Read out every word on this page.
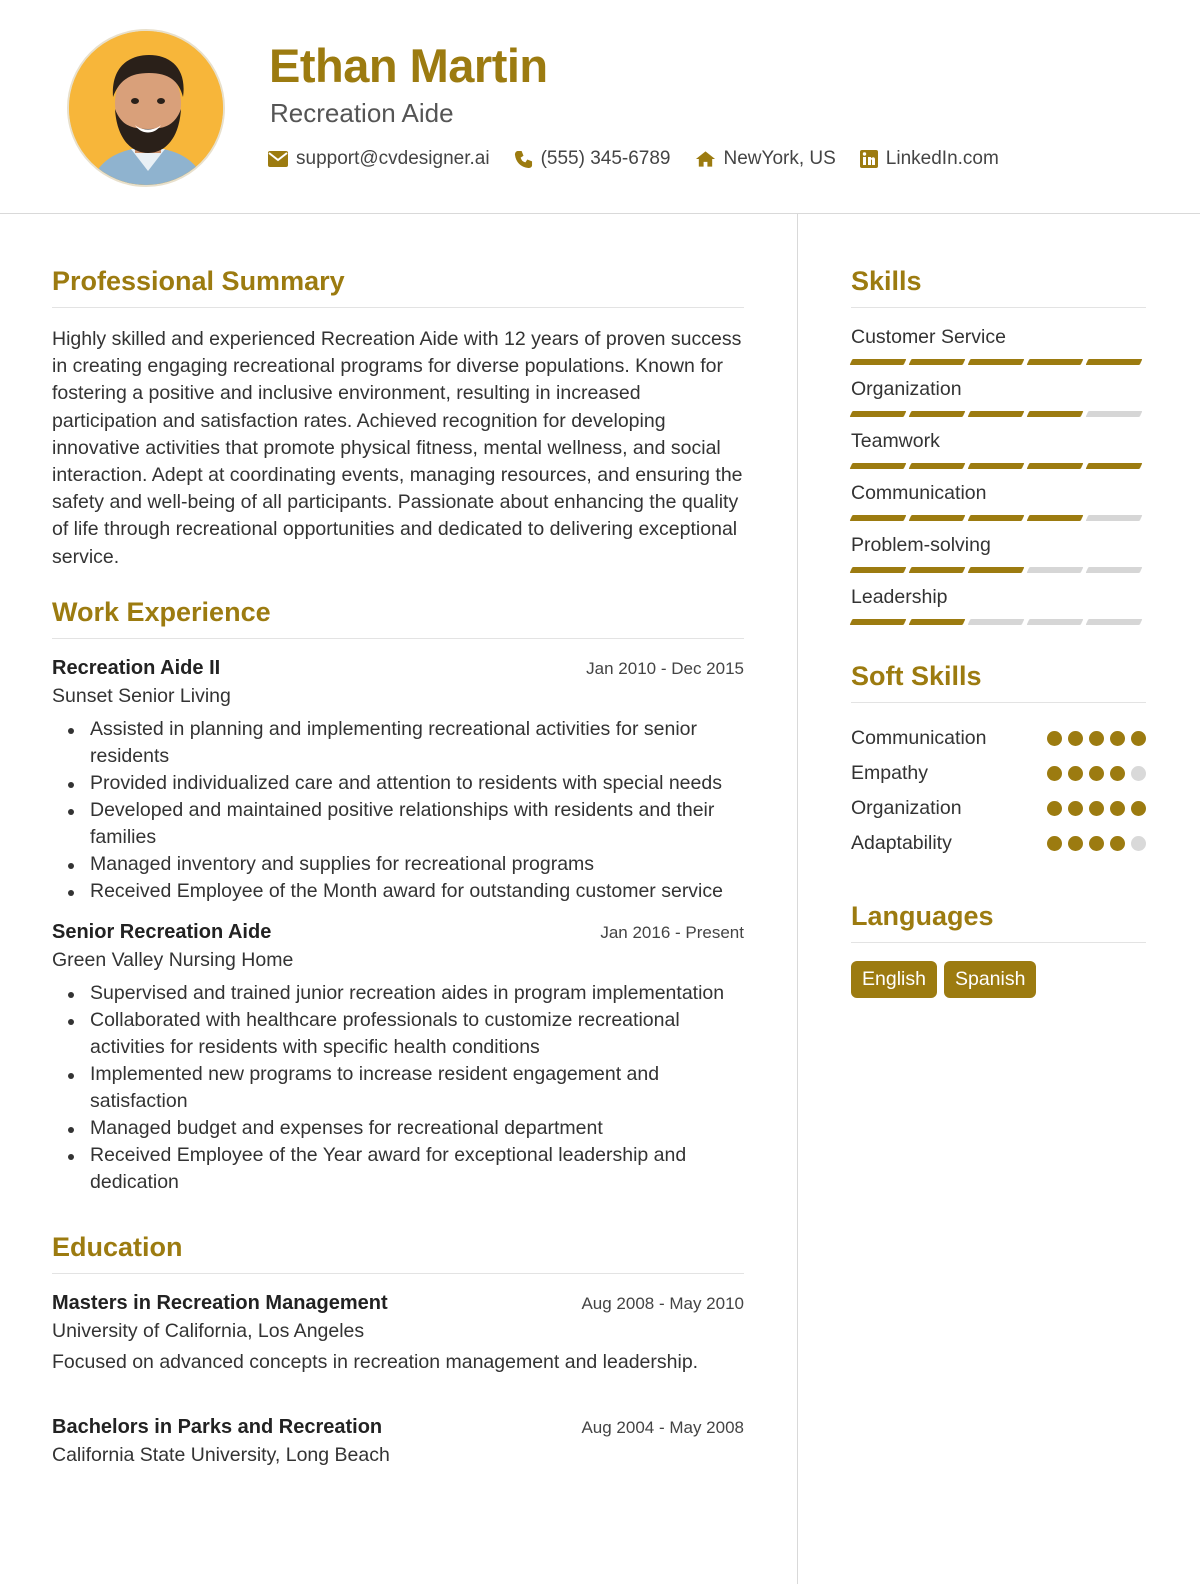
Ethan Martin
Recreation Aide
support@cvdesigner.ai	(555) 345-6789	NewYork, US	LinkedIn.com
Professional Summary

Highly skilled and experienced Recreation Aide with 12 years of proven success in creating engaging recreational programs for diverse populations. Known for fostering a positive and inclusive environment, resulting in increased participation and satisfaction rates. Achieved recognition for developing innovative activities that promote physical fitness, mental wellness, and social interaction. Adept at coordinating events, managing resources, and ensuring the safety and well-being of all participants. Passionate about enhancing the quality of life through recreational opportunities and dedicated to delivering exceptional service.

Work Experience
Recreation Aide II	Jan 2010 - Dec 2015
Sunset Senior Living
Assisted in planning and implementing recreational activities for senior residents
Provided individualized care and attention to residents with special needs
Developed and maintained positive relationships with residents and their families
Managed inventory and supplies for recreational programs
Received Employee of the Month award for outstanding customer service
Senior Recreation Aide	Jan 2016 - Present
Green Valley Nursing Home
Supervised and trained junior recreation aides in program implementation
Collaborated with healthcare professionals to customize recreational activities for residents with specific health conditions
Implemented new programs to increase resident engagement and satisfaction
Managed budget and expenses for recreational department
Received Employee of the Year award for exceptional leadership and dedication
Education
Masters in Recreation Management	Aug 2008 - May 2010
University of California, Los Angeles
Focused on advanced concepts in recreation management and leadership.
Bachelors in Parks and Recreation	Aug 2004 - May 2008
California State University, Long Beach
Skills
Customer Service
Organization
Teamwork
Communication
Problem-solving
Leadership
Soft Skills
Communication
Empathy
Organization
Adaptability
Languages
English	Spanish
